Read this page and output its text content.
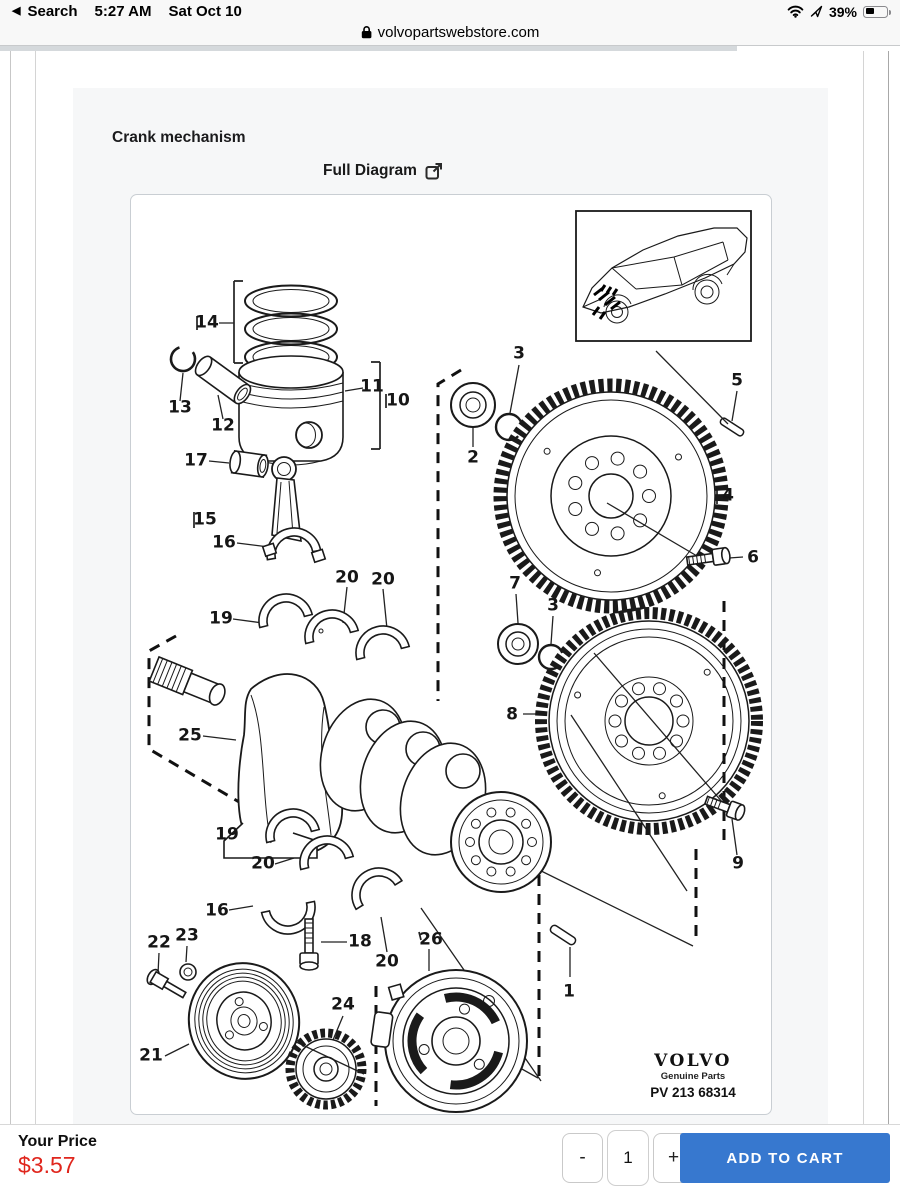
◀ Search 5:27 AM Sat Oct 10	39%
volvopartswebstore.com
Crank mechanism
Full Diagram
14
13
12
11
10
17
15
16
19
20 20
25
2
3
5
4
6
7
3
8
9
19
20
16
18
20
22 23
21
24
26
1
VOLVO
Genuine Parts
PV 213 68314
Your Price
$3.57	-
1	+	ADD TO CART
